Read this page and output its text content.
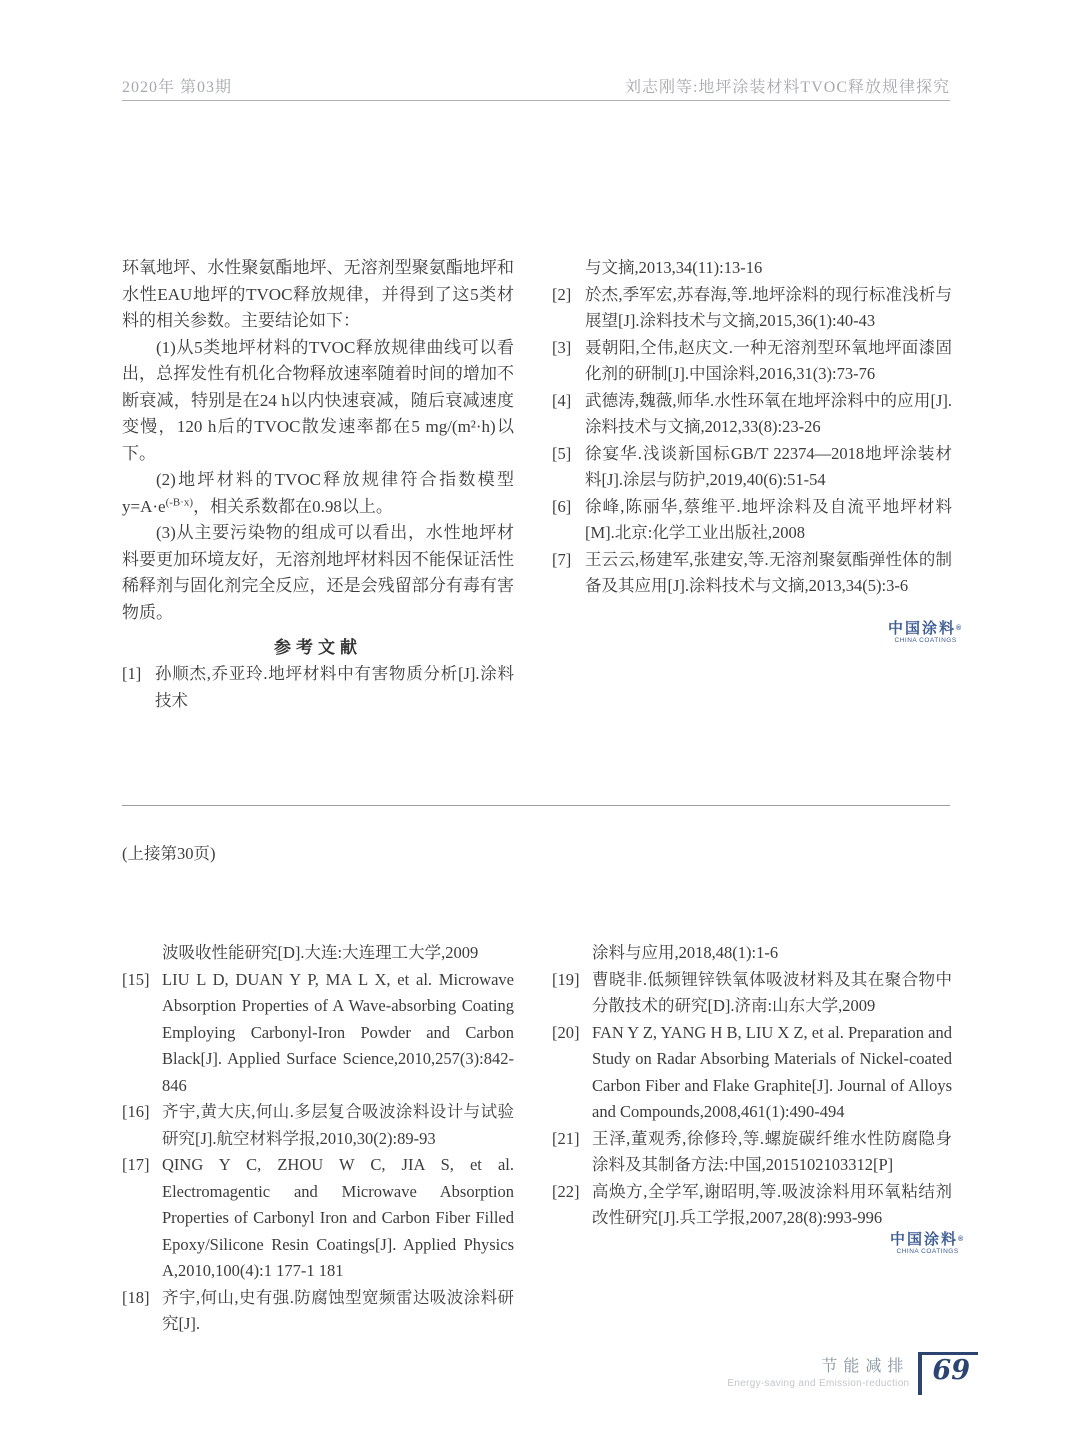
2020年 第03期	刘志刚等:地坪涂装材料TVOC释放规律探究

环氧地坪、水性聚氨酯地坪、无溶剂型聚氨酯地坪和水性EAU地坪的TVOC释放规律，并得到了这5类材料的相关参数。主要结论如下：

(1)从5类地坪材料的TVOC释放规律曲线可以看出，总挥发性有机化合物释放速率随着时间的增加不断衰减，特别是在24 h以内快速衰减，随后衰减速度变慢，120 h后的TVOC散发速率都在5 mg/(m²·h)以下。

(2)地坪材料的TVOC释放规律符合指数模型$y=A\cdot e^{(-B\cdot x)}$，相关系数都在0.98以上。

(3)从主要污染物的组成可以看出，水性地坪材料要更加环境友好，无溶剂地坪材料因不能保证活性稀释剂与固化剂完全反应，还是会残留部分有毒有害物质。

参考文献
[1] 孙顺杰,乔亚玲.地坪材料中有害物质分析[J].涂料技术
与文摘,2013,34(11):13-16
[2] 於杰,季军宏,苏春海,等.地坪涂料的现行标准浅析与展望[J].涂料技术与文摘,2015,36(1):40-43
[3] 聂朝阳,仝伟,赵庆文.一种无溶剂型环氧地坪面漆固化剂的研制[J].中国涂料,2016,31(3):73-76
[4] 武德涛,魏薇,师华.水性环氧在地坪涂料中的应用[J].涂料技术与文摘,2012,33(8):23-26
[5] 徐宴华.浅谈新国标GB/T 22374—2018地坪涂装材料[J].涂层与防护,2019,40(6):51-54
[6] 徐峰,陈丽华,蔡维平.地坪涂料及自流平地坪材料[M].北京:化学工业出版社,2008
[7] 王云云,杨建军,张建安,等.无溶剂聚氨酯弹性体的制备及其应用[J].涂料技术与文摘,2013,34(5):3-6
中国涂料®
CHINA COATINGS
(上接第30页)
波吸收性能研究[D].大连:大连理工大学,2009
[15] LIU L D, DUAN Y P, MA L X, et al. Microwave Absorption Properties of A Wave-absorbing Coating Employing Carbonyl-Iron Powder and Carbon Black[J]. Applied Surface Science,2010,257(3):842-846
[16] 齐宇,黄大庆,何山.多层复合吸波涂料设计与试验研究[J].航空材料学报,2010,30(2):89-93
[17] QING Y C, ZHOU W C, JIA S, et al. Electromagentic and Microwave Absorption Properties of Carbonyl Iron and Carbon Fiber Filled Epoxy/Silicone Resin Coatings[J]. Applied Physics A,2010,100(4):1 177-1 181
[18] 齐宇,何山,史有强.防腐蚀型宽频雷达吸波涂料研究[J].
涂料与应用,2018,48(1):1-6
[19] 曹晓非.低频锂锌铁氧体吸波材料及其在聚合物中分散技术的研究[D].济南:山东大学,2009
[20] FAN Y Z, YANG H B, LIU X Z, et al. Preparation and Study on Radar Absorbing Materials of Nickel-coated Carbon Fiber and Flake Graphite[J]. Journal of Alloys and Compounds,2008,461(1):490-494
[21] 王泽,董观秀,徐修玲,等.螺旋碳纤维水性防腐隐身涂料及其制备方法:中国,2015102103312[P]
[22] 高焕方,全学军,谢昭明,等.吸波涂料用环氧粘结剂改性研究[J].兵工学报,2007,28(8):993-996
中国涂料®
CHINA COATINGS
节能减排
Energy-saving and Emission-reduction 69
